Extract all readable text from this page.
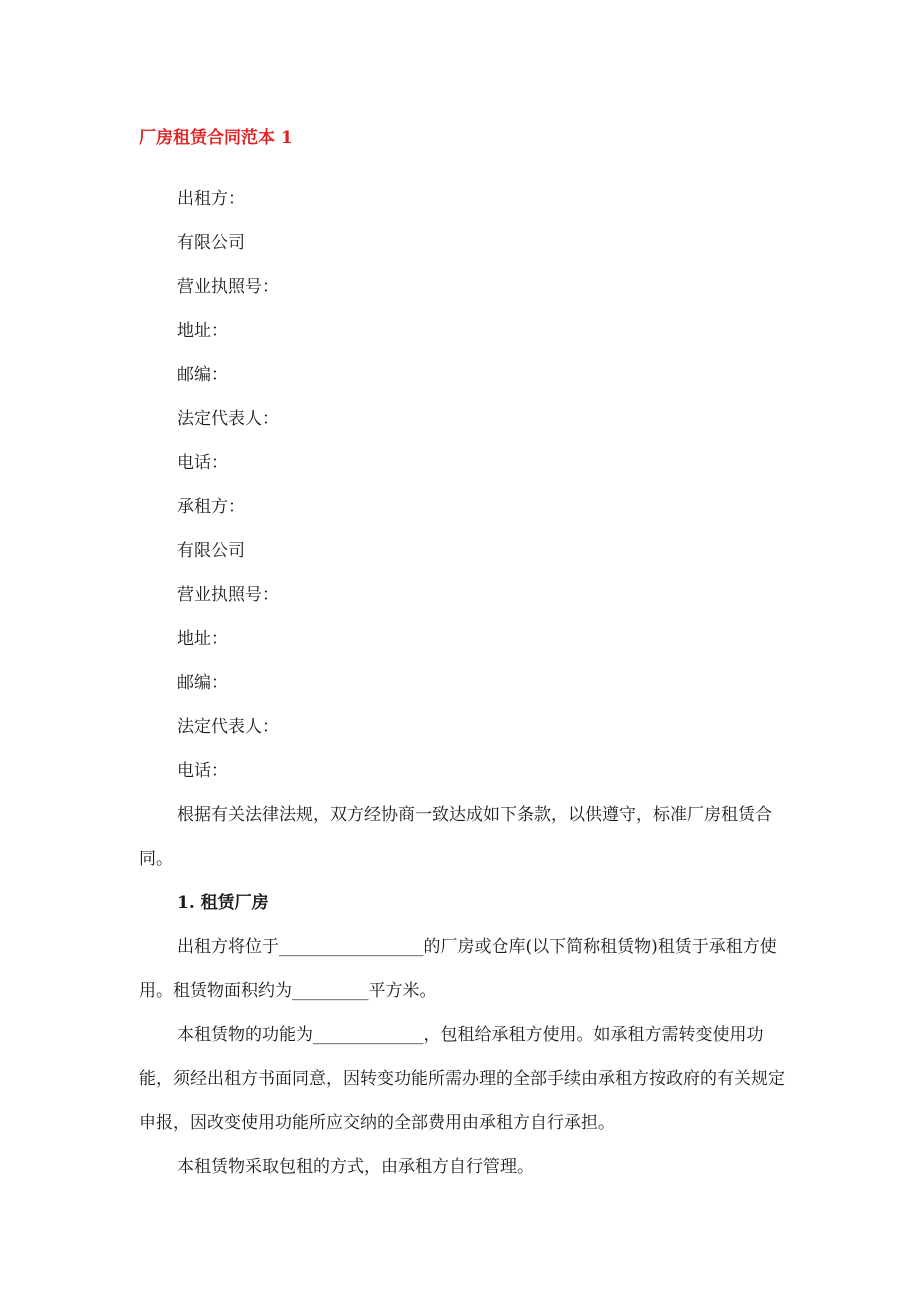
厂房租赁合同范本 1
出租方：
有限公司
营业执照号：
地址：
邮编：
法定代表人：
电话：
承租方：
有限公司
营业执照号：
地址：
邮编：
法定代表人：
电话：

根据有关法律法规，双方经协商一致达成如下条款，以供遵守，标准厂房租赁合同。

1. 租赁厂房

出租方将位于_________________的厂房或仓库(以下简称租赁物)租赁于承租方使用。租赁物面积约为_________平方米。

本租赁物的功能为_____________，包租给承租方使用。如承租方需转变使用功能，须经出租方书面同意，因转变功能所需办理的全部手续由承租方按政府的有关规定申报，因改变使用功能所应交纳的全部费用由承租方自行承担。

本租赁物采取包租的方式，由承租方自行管理。
